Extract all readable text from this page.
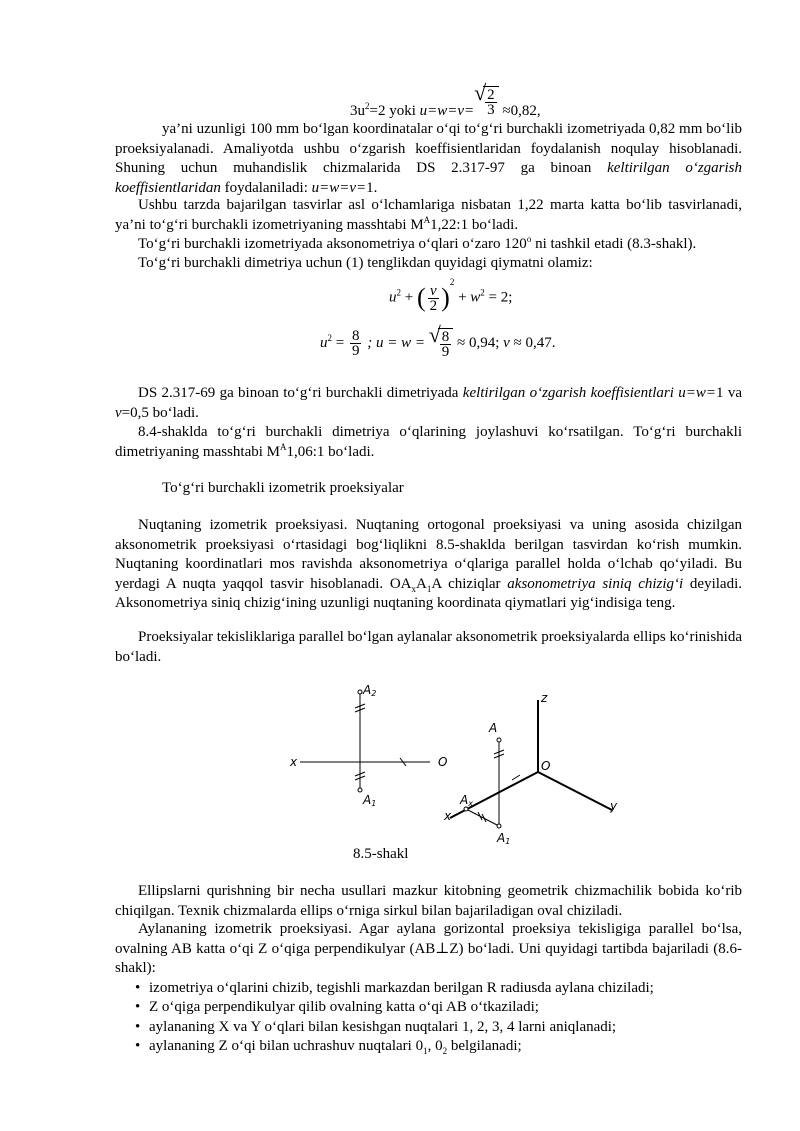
$3u^2=2$ yoki u=w=v=
√
$\frac{2}{3} \approx 0,82$,

ya’ni uzunligi 100 mm bo‘lgan koordinatalar o‘qi to‘g‘ri burchakli izometriyada 0,82 mm bo‘lib proeksiyalanadi. Amaliyotda ushbu o‘zgarish koeffisientlaridan foydalanish noqulay hisoblanadi. Shuning uchun muhandislik chizmalarida DS 2.317-97 ga binoan keltirilgan o‘zgarish koeffisientlaridan foydalaniladi: u=w=v=1.

Ushbu tarzda bajarilgan tasvirlar asl o‘lchamlariga nisbatan 1,22 marta katta bo‘lib tasvirlanadi, ya’ni to‘g‘ri burchakli izometriyaning masshtabi $M^A1,22:1$ bo‘ladi.

To‘g‘ri burchakli izometriyada aksonometriya o‘qlari o‘zaro 120$^o$ ni tashkil etadi (8.3-shakl).

To‘g‘ri burchakli dimetriya uchun (1) tenglikdan quyidagi qiymatni olamiz:

$u^2$ + ( $\frac{v}{2} )^2 + w^2 = 2$;
$u^2 = \frac{8}{9}$ ; u = w = √
$\frac{8}{9} \approx 0,94$; v ≈ 0,47.

DS 2.317-69 ga binoan to‘g‘ri burchakli dimetriyada keltirilgan o‘zgarish koeffisientlari u=w=1 va v=0,5 bo‘ladi.

8.4-shaklda to‘g‘ri burchakli dimetriya o‘qlarining joylashuvi ko‘rsatilgan. To‘g‘ri burchakli dimetriyaning masshtabi $M^A1,06:1$ bo‘ladi.

To‘g‘ri burchakli izometrik proeksiyalar

Nuqtaning izometrik proeksiyasi. Nuqtaning ortogonal proeksiyasi va uning asosida chizilgan aksonometrik proeksiyasi o‘rtasidagi bog‘liqlikni 8.5-shaklda berilgan tasvirdan ko‘rish mumkin. Nuqtaning koordinatlari mos ravishda aksonometriya o‘qlariga parallel holda o‘lchab qo‘yiladi. Bu yerdagi A nuqta yaqqol tasvir hisoblanadi. $OA_xA_1A$ chiziqlar aksonometriya siniq chizig‘i deyiladi. Aksonometriya siniq chizig‘ining uzunligi nuqtaning koordinata qiymatlari yig‘indisiga teng.

Proeksiyalar tekisliklariga parallel bo‘lgan aylanalar aksonometrik proeksiyalarda ellips ko‘rinishida bo‘ladi.

A2
x	O
A1
z
A
O
Ax
x
y
A1
8.5-shakl

Ellipslarni qurishning bir necha usullari mazkur kitobning geometrik chizmachilik bobida ko‘rib chiqilgan. Texnik chizmalarda ellips o‘rniga sirkul bilan bajariladigan oval chiziladi.

Aylananing izometrik proeksiyasi. Agar aylana gorizontal proeksiya tekisligiga parallel bo‘lsa, ovalning AB katta o‘qi Z o‘qiga perpendikulyar (AB⊥Z) bo‘ladi. Uni quyidagi tartibda bajariladi (8.6-shakl):

• izometriya o‘qlarini chizib, tegishli markazdan berilgan R radiusda aylana chiziladi;
• Z o‘qiga perpendikulyar qilib ovalning katta o‘qi AB o‘tkaziladi;
• aylananing X va Y o‘qlari bilan kesishgan nuqtalari 1, 2, 3, 4 larni aniqlanadi;
• aylananing Z o‘qi bilan uchrashuv nuqtalari $0_1$, $0_2$ belgilanadi;
